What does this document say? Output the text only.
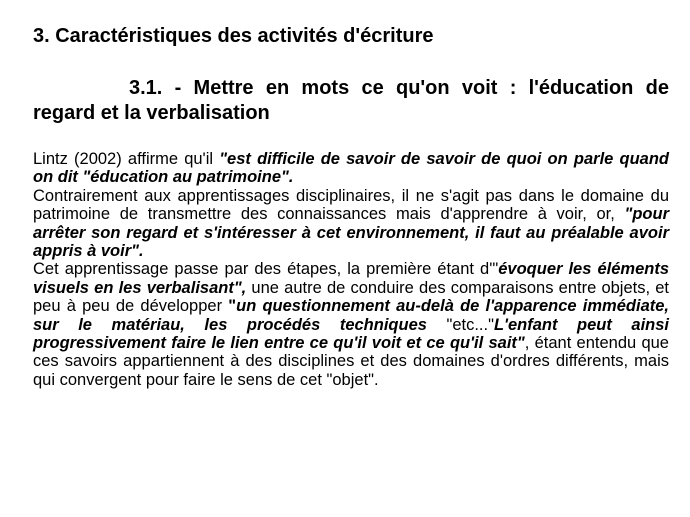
3. Caractéristiques des activités d'écriture
3.1. - Mettre en mots ce qu'on voit : l'éducation de regard et la verbalisation

Lintz (2002) affirme qu'il "est difficile de savoir de savoir de quoi on parle quand on dit "éducation au patrimoine".

Contrairement aux apprentissages disciplinaires, il ne s'agit pas dans le domaine du patrimoine de transmettre des connaissances mais d'apprendre à voir, or, "pour arrêter son regard et s'intéresser à cet environnement, il faut au préalable avoir appris à voir".

Cet apprentissage passe par des étapes, la première étant d'"évoquer les éléments visuels en les verbalisant", une autre de conduire des comparaisons entre objets, et peu à peu de développer "un questionnement au-delà de l'apparence immédiate, sur le matériau, les procédés techniques "etc..."L'enfant peut ainsi progressivement faire le lien entre ce qu'il voit et ce qu'il sait", étant entendu que ces savoirs appartiennent à des disciplines et des domaines d'ordres différents, mais qui convergent pour faire le sens de cet "objet".
